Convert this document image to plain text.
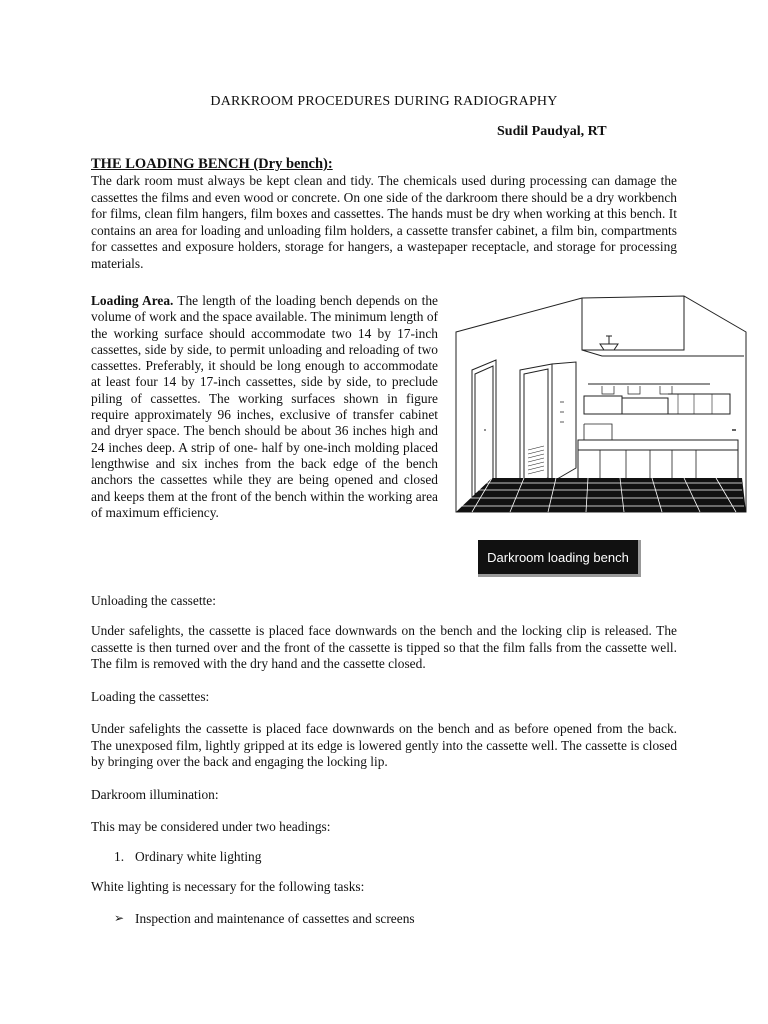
DARKROOM PROCEDURES DURING RADIOGRAPHY
Sudil Paudyal, RT
THE LOADING BENCH (Dry bench):
The dark room must always be kept clean and tidy. The chemicals used during processing can damage the cassettes the films and even wood or concrete. On one side of the darkroom there should be a dry workbench for films, clean film hangers, film boxes and cassettes. The hands must be dry when working at this bench. It contains an area for loading and unloading film holders, a cassette transfer cabinet, a film bin, compartments for cassettes and exposure holders, storage for hangers, a wastepaper receptacle, and storage for processing materials.
Loading Area. The length of the loading bench depends on the volume of work and the space available. The minimum length of the working surface should accommodate two 14 by 17-inch cassettes, side by side, to permit unloading and reloading of two cassettes. Preferably, it should be long enough to accommodate at least four 14 by 17-inch cassettes, side by side, to preclude piling of cassettes. The working surfaces shown in figure require approximately 96 inches, exclusive of transfer cabinet and dryer space. The bench should be about 36 inches high and 24 inches deep. A strip of one- half by one-inch molding placed lengthwise and six inches from the back edge of the bench anchors the cassettes while they are being opened and closed and keeps them at the front of the bench within the working area of maximum efficiency.
Darkroom loading bench
Unloading the cassette:
Under safelights, the cassette is placed face downwards on the bench and the locking clip is released. The cassette is then turned over and the front of the cassette is tipped so that the film falls from the cassette well. The film is removed with the dry hand and the cassette closed.
Loading the cassettes:
Under safelights the cassette is placed face downwards on the bench and as before opened from the back. The unexposed film, lightly gripped at its edge is lowered gently into the cassette well. The cassette is closed by bringing over the back and engaging the locking lip.
Darkroom illumination:
This may be considered under two headings:
1. Ordinary white lighting
White lighting is necessary for the following tasks:
➢ Inspection and maintenance of cassettes and screens
